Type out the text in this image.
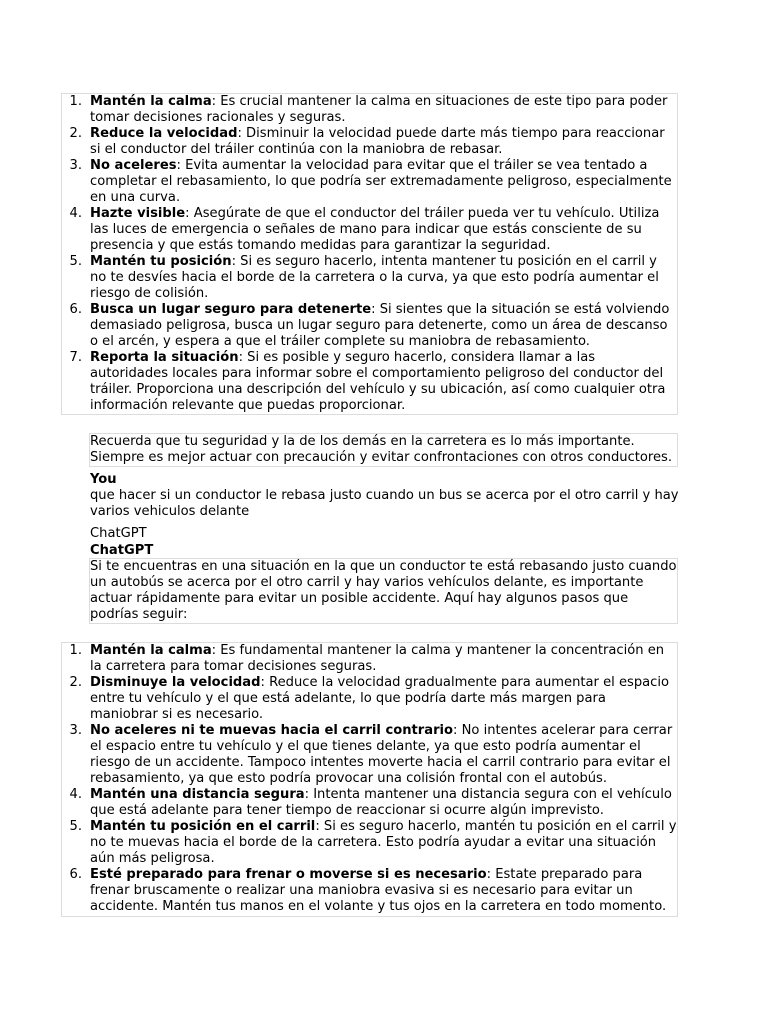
1. Mantén la calma: Es crucial mantener la calma en situaciones de este tipo para poder tomar decisiones racionales y seguras.
2. Reduce la velocidad: Disminuir la velocidad puede darte más tiempo para reaccionar si el conductor del tráiler continúa con la maniobra de rebasar.
3. No aceleres: Evita aumentar la velocidad para evitar que el tráiler se vea tentado a completar el rebasamiento, lo que podría ser extremadamente peligroso, especialmente en una curva.
4. Hazte visible: Asegúrate de que el conductor del tráiler pueda ver tu vehículo. Utiliza las luces de emergencia o señales de mano para indicar que estás consciente de su presencia y que estás tomando medidas para garantizar la seguridad.
5. Mantén tu posición: Si es seguro hacerlo, intenta mantener tu posición en el carril y no te desvíes hacia el borde de la carretera o la curva, ya que esto podría aumentar el riesgo de colisión.
6. Busca un lugar seguro para detenerte: Si sientes que la situación se está volviendo demasiado peligrosa, busca un lugar seguro para detenerte, como un área de descanso o el arcén, y espera a que el tráiler complete su maniobra de rebasamiento.
7. Reporta la situación: Si es posible y seguro hacerlo, considera llamar a las autoridades locales para informar sobre el comportamiento peligroso del conductor del tráiler. Proporciona una descripción del vehículo y su ubicación, así como cualquier otra información relevante que puedas proporcionar.

Recuerda que tu seguridad y la de los demás en la carretera es lo más importante. Siempre es mejor actuar con precaución y evitar confrontaciones con otros conductores.

You

que hacer si un conductor le rebasa justo cuando un bus se acerca por el otro carril y hay varios vehiculos delante

ChatGPT

ChatGPT

Si te encuentras en una situación en la que un conductor te está rebasando justo cuando un autobús se acerca por el otro carril y hay varios vehículos delante, es importante actuar rápidamente para evitar un posible accidente. Aquí hay algunos pasos que podrías seguir:

1. Mantén la calma: Es fundamental mantener la calma y mantener la concentración en la carretera para tomar decisiones seguras.
2. Disminuye la velocidad: Reduce la velocidad gradualmente para aumentar el espacio entre tu vehículo y el que está adelante, lo que podría darte más margen para maniobrar si es necesario.
3. No aceleres ni te muevas hacia el carril contrario: No intentes acelerar para cerrar el espacio entre tu vehículo y el que tienes delante, ya que esto podría aumentar el riesgo de un accidente. Tampoco intentes moverte hacia el carril contrario para evitar el rebasamiento, ya que esto podría provocar una colisión frontal con el autobús.
4. Mantén una distancia segura: Intenta mantener una distancia segura con el vehículo que está adelante para tener tiempo de reaccionar si ocurre algún imprevisto.
5. Mantén tu posición en el carril: Si es seguro hacerlo, mantén tu posición en el carril y no te muevas hacia el borde de la carretera. Esto podría ayudar a evitar una situación aún más peligrosa.
6. Esté preparado para frenar o moverse si es necesario: Estate preparado para frenar bruscamente o realizar una maniobra evasiva si es necesario para evitar un accidente. Mantén tus manos en el volante y tus ojos en la carretera en todo momento.
